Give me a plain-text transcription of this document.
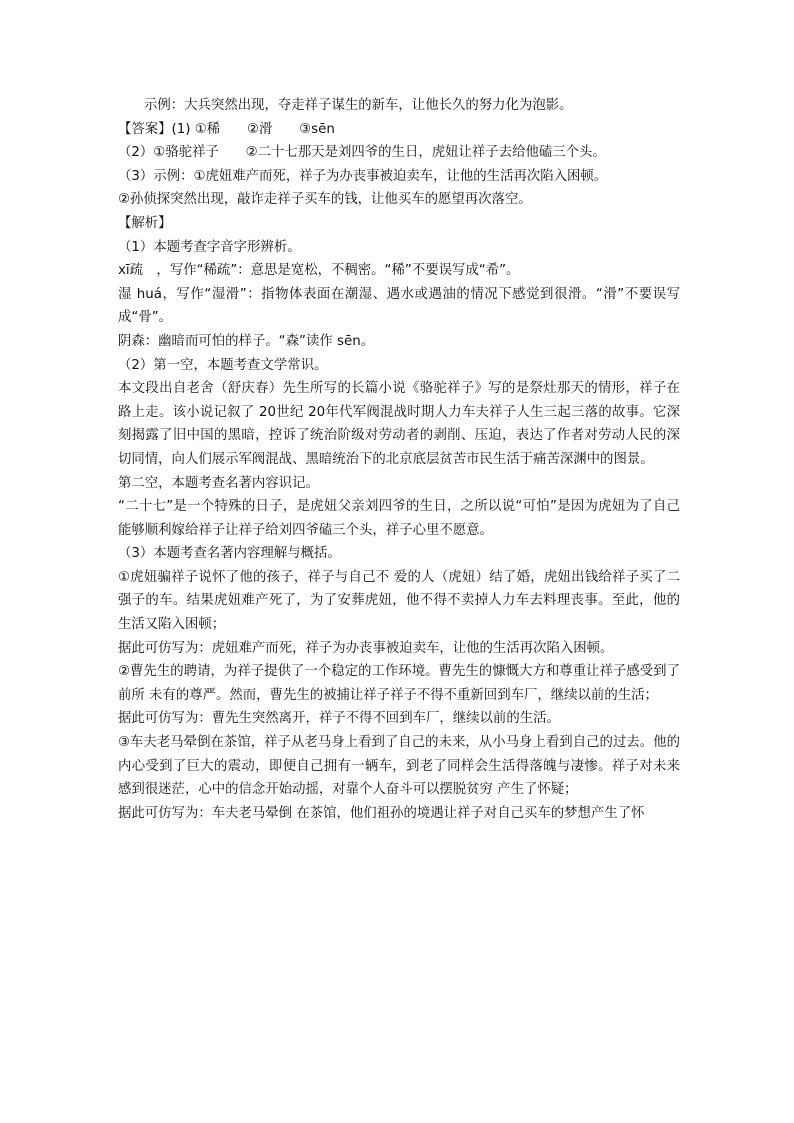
示例：大兵突然出现，夺走祥子谋生的新车，让他长久的努力化为泡影。

【答案】(1) ①稀　　②滑　　③sēn

（2）①骆驼祥子　　②二十七那天是刘四爷的生日，虎妞让祥子去给他磕三个头。

（3）示例：①虎妞难产而死，祥子为办丧事被迫卖车，让他的生活再次陷入困顿。

②孙侦探突然出现，敲诈走祥子买车的钱，让他买车的愿望再次落空。

【解析】

（1）本题考查字音字形辨析。

xī疏　，写作“稀疏”：意思是宽松，不稠密。“稀”不要误写成“希”。

湿 huá，写作“湿滑”：指物体表面在潮湿、遇水或遇油的情况下感觉到很滑。“滑”不要误写成“骨”。

阴森：幽暗而可怕的样子。“森”读作 sēn。

（2）第一空，本题考查文学常识。

本文段出自老舍（舒庆春）先生所写的长篇小说《骆驼祥子》写的是祭灶那天的情形，祥子在路上走。该小说记叙了 20世纪 20年代军阀混战时期人力车夫祥子人生三起三落的故事。它深刻揭露了旧中国的黑暗，控诉了统治阶级对劳动者的剥削、压迫，表达了作者对劳动人民的深切同情，向人们展示军阀混战、黑暗统治下的北京底层贫苦市民生活于痛苦深渊中的图景。

第二空，本题考查名著内容识记。

“二十七”是一个特殊的日子，是虎妞父亲刘四爷的生日，之所以说“可怕”是因为虎妞为了自己能够顺利嫁给祥子让祥子给刘四爷磕三个头，祥子心里不愿意。

（3）本题考查名著内容理解与概括。

①虎妞骗祥子说怀了他的孩子，祥子与自己不 爱的人（虎妞）结了婚，虎妞出钱给祥子买了二强子的车。结果虎妞难产死了，为了安葬虎妞，他不得不卖掉人力车去料理丧事。至此，他的生活又陷入困顿；

据此可仿写为：虎妞难产而死，祥子为办丧事被迫卖车，让他的生活再次陷入困顿。

②曹先生的聘请，为祥子提供了一个稳定的工作环境。曹先生的慷慨大方和尊重让祥子感受到了前所 未有的尊严。然而，曹先生的被捕让祥子祥子不得不重新回到车厂，继续以前的生活；

据此可仿写为：曹先生突然离开，祥子不得不回到车厂，继续以前的生活。

③车夫老马晕倒在茶馆，祥子从老马身上看到了自己的未来，从小马身上看到自己的过去。他的内心受到了巨大的震动，即便自己拥有一辆车，到老了同样会生活得落魄与凄惨。祥子对未来感到很迷茫，心中的信念开始动摇，对靠个人奋斗可以摆脱贫穷 产生了怀疑；

据此可仿写为：车夫老马晕倒 在茶馆，他们祖孙的境遇让祥子对自己买车的梦想产生了怀
